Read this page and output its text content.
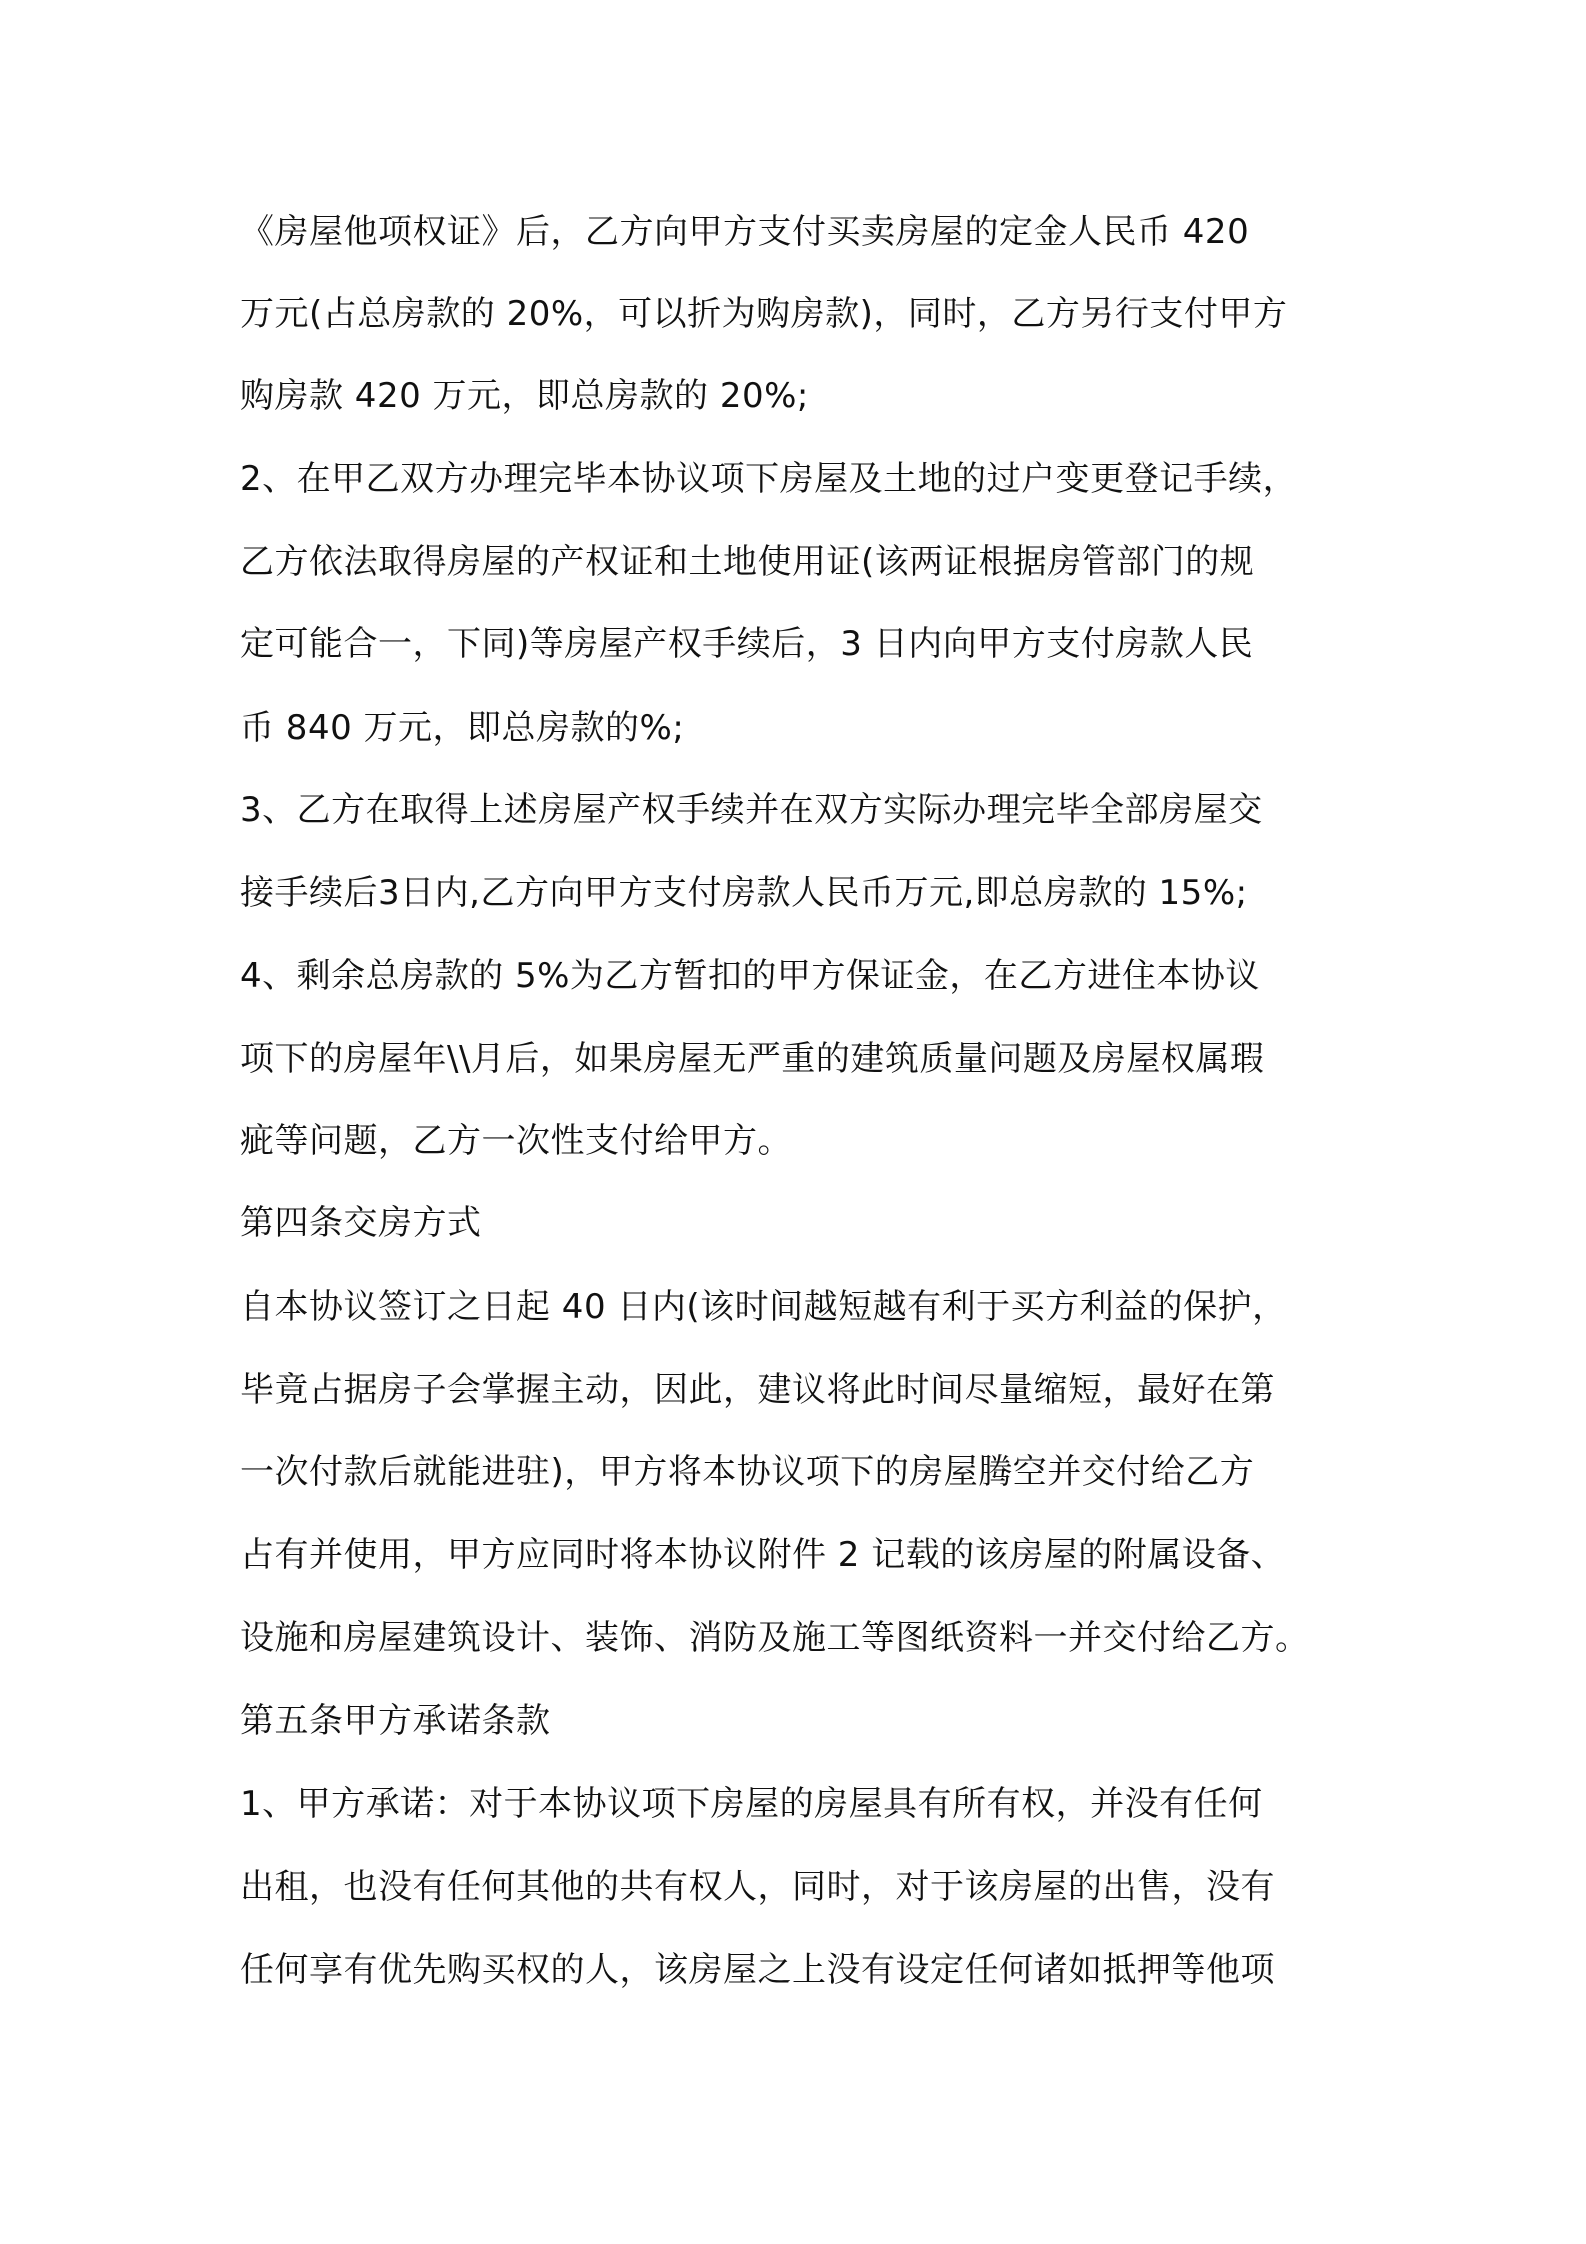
《房屋他项权证》后，乙方向甲方支付买卖房屋的定金人民币 420
万元(占总房款的 20%，可以折为购房款)，同时，乙方另行支付甲方
购房款 420 万元，即总房款的 20%;
2、在甲乙双方办理完毕本协议项下房屋及土地的过户变更登记手续，
乙方依法取得房屋的产权证和土地使用证(该两证根据房管部门的规
定可能合一，下同)等房屋产权手续后，3 日内向甲方支付房款人民
币 840 万元，即总房款的%;
3、乙方在取得上述房屋产权手续并在双方实际办理完毕全部房屋交
接手续后3日内,乙方向甲方支付房款人民币万元,即总房款的 15%;
4、剩余总房款的 5%为乙方暂扣的甲方保证金，在乙方进住本协议
项下的房屋年\\月后，如果房屋无严重的建筑质量问题及房屋权属瑕
疵等问题，乙方一次性支付给甲方。
第四条交房方式
自本协议签订之日起 40 日内(该时间越短越有利于买方利益的保护，
毕竟占据房子会掌握主动，因此，建议将此时间尽量缩短，最好在第
一次付款后就能进驻)，甲方将本协议项下的房屋腾空并交付给乙方
占有并使用，甲方应同时将本协议附件 2 记载的该房屋的附属设备、
设施和房屋建筑设计、装饰、消防及施工等图纸资料一并交付给乙方。
第五条甲方承诺条款
1、甲方承诺：对于本协议项下房屋的房屋具有所有权，并没有任何
出租，也没有任何其他的共有权人，同时，对于该房屋的出售，没有
任何享有优先购买权的人，该房屋之上没有设定任何诸如抵押等他项
